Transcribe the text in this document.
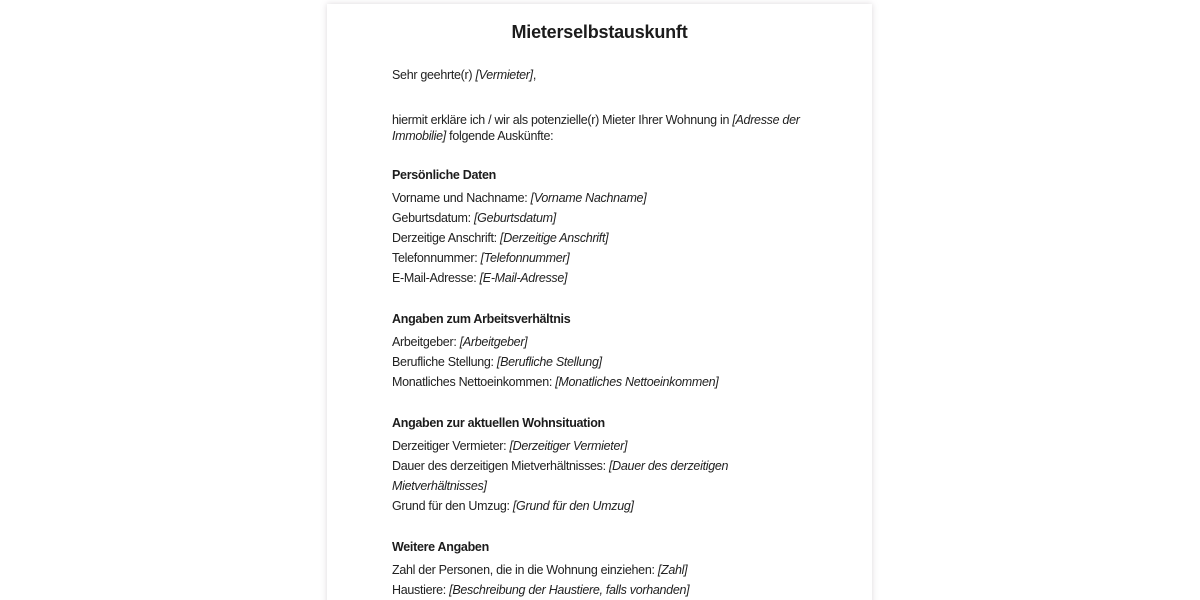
Mieterselbstauskunft
Sehr geehrte(r) [Vermieter],
hiermit erkläre ich / wir als potenzielle(r) Mieter Ihrer Wohnung in [Adresse der
Immobilie] folgende Auskünfte:
Persönliche Daten
Vorname und Nachname: [Vorname Nachname]
Geburtsdatum: [Geburtsdatum]
Derzeitige Anschrift: [Derzeitige Anschrift]
Telefonnummer: [Telefonnummer]
E-Mail-Adresse: [E-Mail-Adresse]
Angaben zum Arbeitsverhältnis
Arbeitgeber: [Arbeitgeber]
Berufliche Stellung: [Berufliche Stellung]
Monatliches Nettoeinkommen: [Monatliches Nettoeinkommen]
Angaben zur aktuellen Wohnsituation
Derzeitiger Vermieter: [Derzeitiger Vermieter]
Dauer des derzeitigen Mietverhältnisses: [Dauer des derzeitigen Mietverhältnisses]
Grund für den Umzug: [Grund für den Umzug]
Weitere Angaben
Zahl der Personen, die in die Wohnung einziehen: [Zahl]
Haustiere: [Beschreibung der Haustiere, falls vorhanden]
